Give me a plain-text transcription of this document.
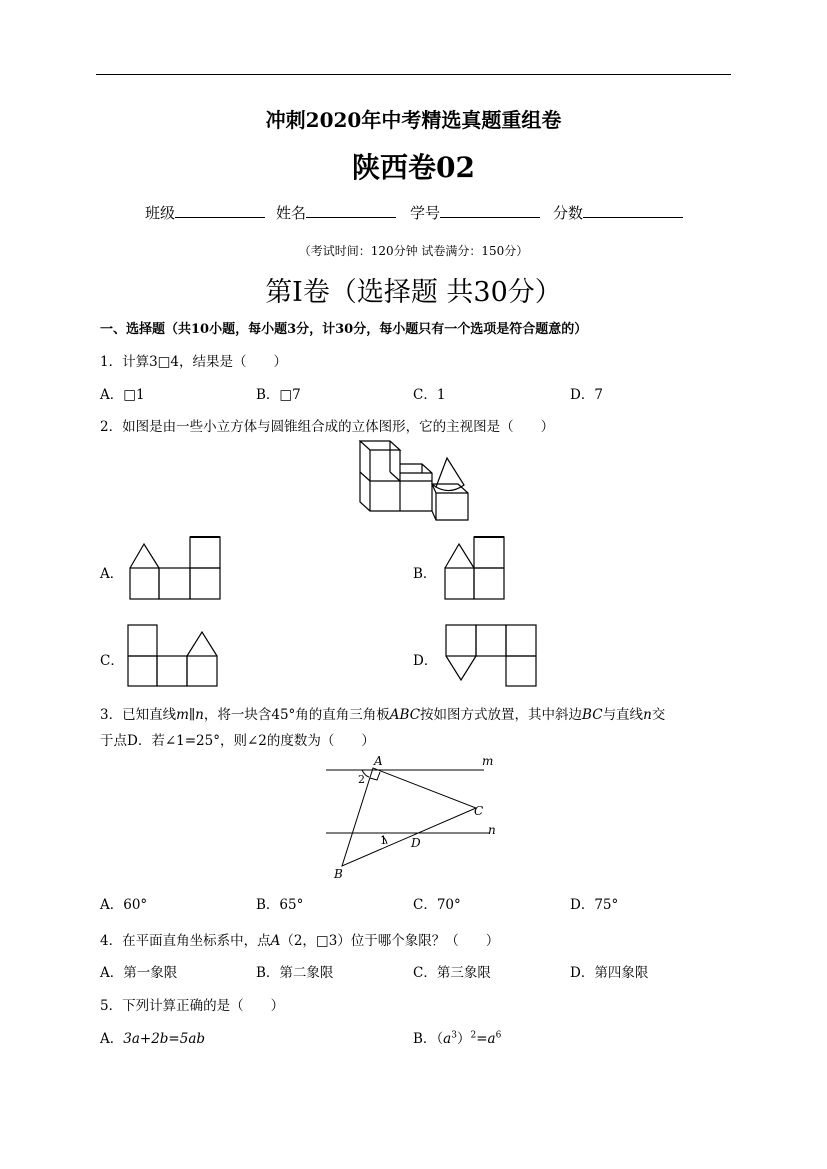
冲刺2020年中考精选真题重组卷
陕西卷02
班级	姓名	学号	分数
（考试时间：120分钟 试卷满分：150分）
第Ⅰ卷（选择题 共30分）
一、选择题（共10小题，每小题3分，计30分，每小题只有一个选项是符合题意的）
1．计算3□4，结果是（　　）
A．□1	B．□7	C．1	D．7
2．如图是由一些小立方体与圆锥组合成的立体图形，它的主视图是（　　）
A．	B．
C．	D．
3．已知直线m∥n，将一块含45°角的直角三角板ABC按如图方式放置，其中斜边BC与直线n交
于点D．若∠1=25°，则∠2的度数为（　　）
A	m
C
n
D
B
2
1
A．60°	B．65°	C．70°	D．75°
4．在平面直角坐标系中，点A（2，□3）位于哪个象限？（　　）
A．第一象限	B．第二象限	C．第三象限	D．第四象限
5．下列计算正确的是（　　）
A．3a+2b=5ab	B．$(a^3)^2=a^6$
